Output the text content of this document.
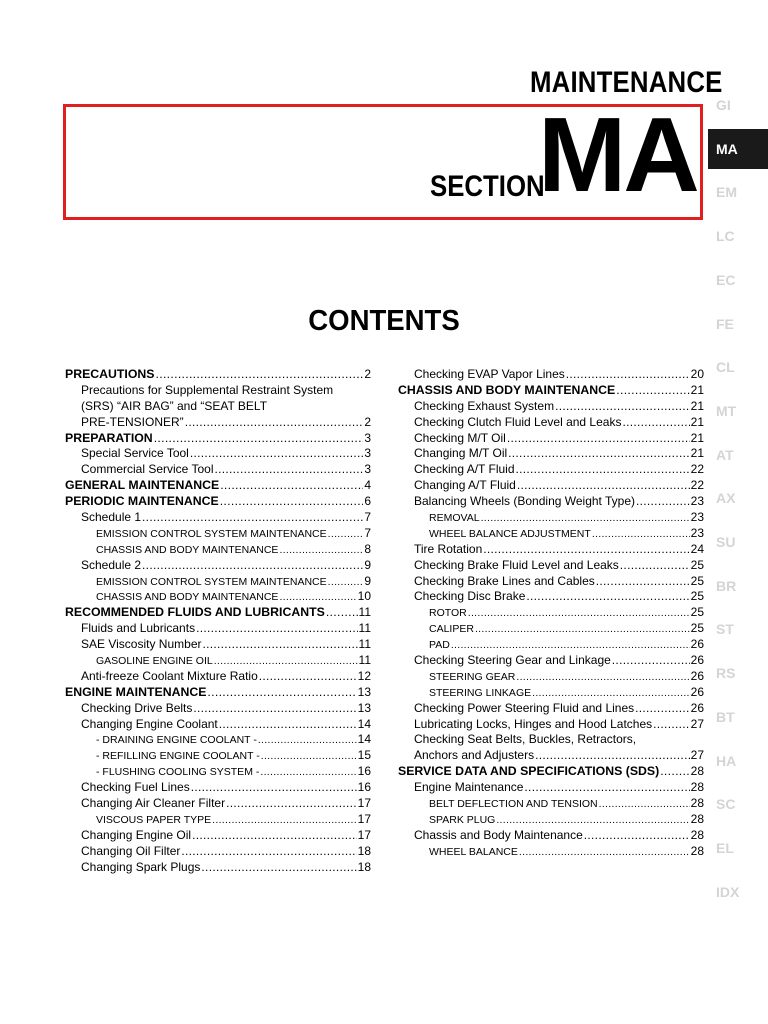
MAINTENANCE
SECTION
MA GI
MA
EM
LC
EC
FE
CL
MT
AT
AX
SU
BR
ST
RS
BT
HA
SC
EL
IDX
CONTENTS
PRECAUTIONS .....	2
Precautions for Supplemental Restraint System
(SRS) “AIR BAG” and “SEAT BELT
PRE-TENSIONER” .....	2
PREPARATION .....	3
Special Service Tool .....	3
Commercial Service Tool .....	3
GENERAL MAINTENANCE .....	4
PERIODIC MAINTENANCE .....	6
Schedule 1 .....	7
EMISSION CONTROL SYSTEM MAINTENANCE .....	7
CHASSIS AND BODY MAINTENANCE .....	8
Schedule 2 .....	9
EMISSION CONTROL SYSTEM MAINTENANCE .....	9
CHASSIS AND BODY MAINTENANCE .....	10
RECOMMENDED FLUIDS AND LUBRICANTS .....	11
Fluids and Lubricants .....	11
SAE Viscosity Number .....	11
GASOLINE ENGINE OIL .....	11
Anti-freeze Coolant Mixture Ratio .....	12
ENGINE MAINTENANCE .....	13
Checking Drive Belts .....	13
Changing Engine Coolant .....	14
- DRAINING ENGINE COOLANT - .....	14
- REFILLING ENGINE COOLANT - .....	15
- FLUSHING COOLING SYSTEM - .....	16
Checking Fuel Lines .....	16
Changing Air Cleaner Filter .....	17
VISCOUS PAPER TYPE .....	17
Changing Engine Oil .....	17
Changing Oil Filter .....	18
Changing Spark Plugs .....	18
Checking EVAP Vapor Lines .....	20
CHASSIS AND BODY MAINTENANCE .....	21
Checking Exhaust System .....	21
Checking Clutch Fluid Level and Leaks .....	21
Checking M/T Oil .....	21
Changing M/T Oil .....	21
Checking A/T Fluid .....	22
Changing A/T Fluid .....	22
Balancing Wheels (Bonding Weight Type) .....	23
REMOVAL .....	23
WHEEL BALANCE ADJUSTMENT .....	23
Tire Rotation .....	24
Checking Brake Fluid Level and Leaks .....	25
Checking Brake Lines and Cables .....	25
Checking Disc Brake .....	25
ROTOR .....	25
CALIPER .....	25
PAD .....	26
Checking Steering Gear and Linkage .....	26
STEERING GEAR .....	26
STEERING LINKAGE .....	26
Checking Power Steering Fluid and Lines .....	26
Lubricating Locks, Hinges and Hood Latches .....	27
Checking Seat Belts, Buckles, Retractors,
Anchors and Adjusters .....	27
SERVICE DATA AND SPECIFICATIONS (SDS) .....	28
Engine Maintenance .....	28
BELT DEFLECTION AND TENSION .....	28
SPARK PLUG .....	28
Chassis and Body Maintenance .....	28
WHEEL BALANCE .....	28
